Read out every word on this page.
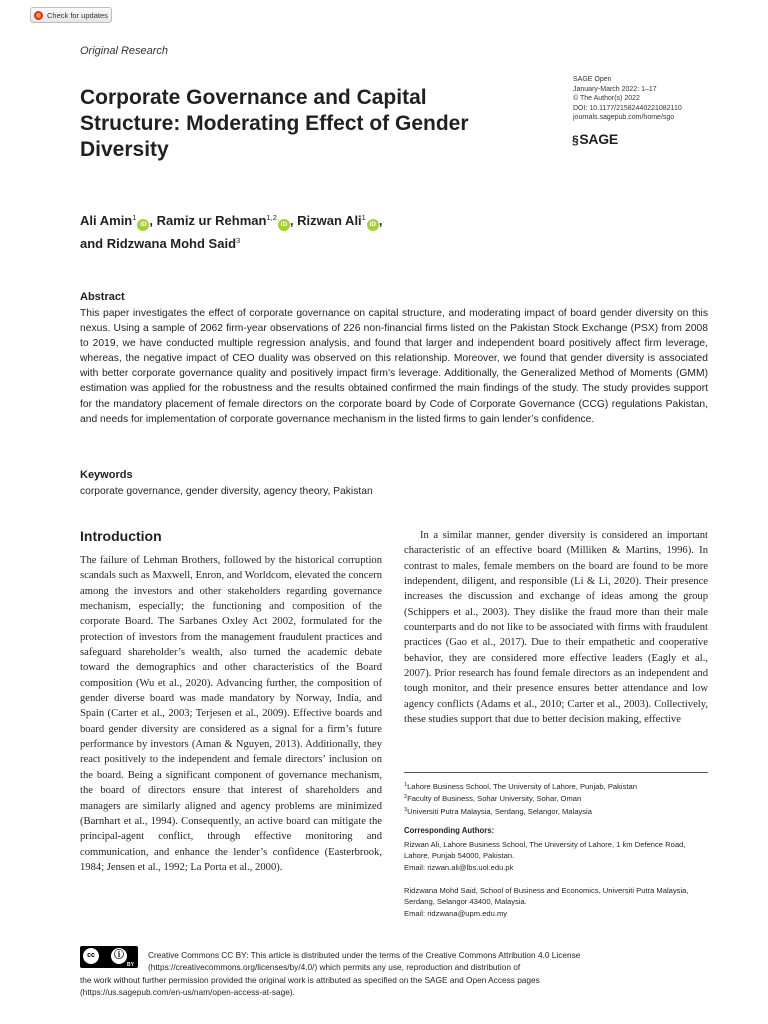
Check for updates
Original Research
Corporate Governance and Capital Structure: Moderating Effect of Gender Diversity
SAGE Open
January-March 2022: 1–17
© The Author(s) 2022
DOI: 10.1177/21582440221082110
journals.sagepub.com/home/sgo
§SAGE
Ali Amin$^1$iD , Ramiz ur Rehman$^{1,2}$iD , Rizwan Ali$^1$iD ,
and Ridzwana Mohd Said$^3$
Abstract
This paper investigates the effect of corporate governance on capital structure, and moderating impact of board gender diversity on this nexus. Using a sample of 2062 firm-year observations of 226 non-financial firms listed on the Pakistan Stock Exchange (PSX) from 2008 to 2019, we have conducted multiple regression analysis, and found that larger and independent board positively affect firm leverage, whereas, the negative impact of CEO duality was observed on this relationship. Moreover, we found that gender diversity is associated with better corporate governance quality and positively impact firm’s leverage. Additionally, the Generalized Method of Moments (GMM) estimation was applied for the robustness and the results obtained confirmed the main findings of the study. The study provides support for the mandatory placement of female directors on the corporate board by Code of Corporate Governance (CCG) regulations Pakistan, and needs for implementation of corporate governance mechanism in the listed firms to gain lender’s confidence.
Keywords
corporate governance, gender diversity, agency theory, Pakistan
Introduction
The failure of Lehman Brothers, followed by the historical corruption scandals such as Maxwell, Enron, and Worldcom, elevated the concern among the investors and other stakeholders regarding governance mechanism, especially; the functioning and composition of the corporate Board. The Sarbanes Oxley Act 2002, formulated for the protection of investors from the management fraudulent practices and safeguard shareholder’s wealth, also turned the academic debate toward the demographics and other characteristics of the Board composition (Wu et al., 2020). Advancing further, the composition of gender diverse board was made mandatory by Norway, India, and Spain (Carter et al., 2003; Terjesen et al., 2009). Effective boards and board gender diversity are considered as a signal for a firm’s future performance by investors (Aman & Nguyen, 2013). Additionally, they react positively to the independent and female directors’ inclusion on the board. Being a significant component of governance mechanism, the board of directors ensure that interest of shareholders and managers are similarly aligned and agency problems are minimized (Barnhart et al., 1994). Consequently, an active board can mitigate the principal-agent conflict, through effective monitoring and communication, and enhance the lender’s confidence (Easterbrook, 1984; Jensen et al., 1992; La Porta et al., 2000).
In a similar manner, gender diversity is considered an important characteristic of an effective board (Milliken & Martins, 1996). In contrast to males, female members on the board are found to be more independent, diligent, and responsible (Li & Li, 2020). Their presence increases the discussion and exchange of ideas among the group (Schippers et al., 2003). They dislike the fraud more than their male counterparts and do not like to be associated with firms with fraudulent practices (Gao et al., 2017). Due to their empathetic and cooperative behavior, they are considered more effective leaders (Eagly et al., 2007). Prior research has found female directors as an independent and tough monitor, and their presence ensures better attendance and low agency conflicts (Adams et al., 2010; Carter et al., 2003). Collectively, these studies support that due to better decision making, effective
$^1$Lahore Business School, The University of Lahore, Punjab, Pakistan
$^2$Faculty of Business, Sohar University, Sohar, Oman
$^3$Universiti Putra Malaysia, Serdang, Selangor, Malaysia
Corresponding Authors:
Rizwan Ali, Lahore Business School, The University of Lahore, 1 km Defence Road, Lahore, Punjab 54000, Pakistan.
Email: rizwan.ali@lbs.uol.edu.pk
Ridzwana Mohd Said, School of Business and Economics, Universiti Putra Malaysia, Serdang, Selangor 43400, Malaysia.
Email: ridzwana@upm.edu.my
cc	ⓘ
BY
Creative Commons CC BY: This article is distributed under the terms of the Creative Commons Attribution 4.0 License
(https://creativecommons.org/licenses/by/4.0/) which permits any use, reproduction and distribution of
the work without further permission provided the original work is attributed as specified on the SAGE and Open Access pages
(https://us.sagepub.com/en-us/nam/open-access-at-sage).
